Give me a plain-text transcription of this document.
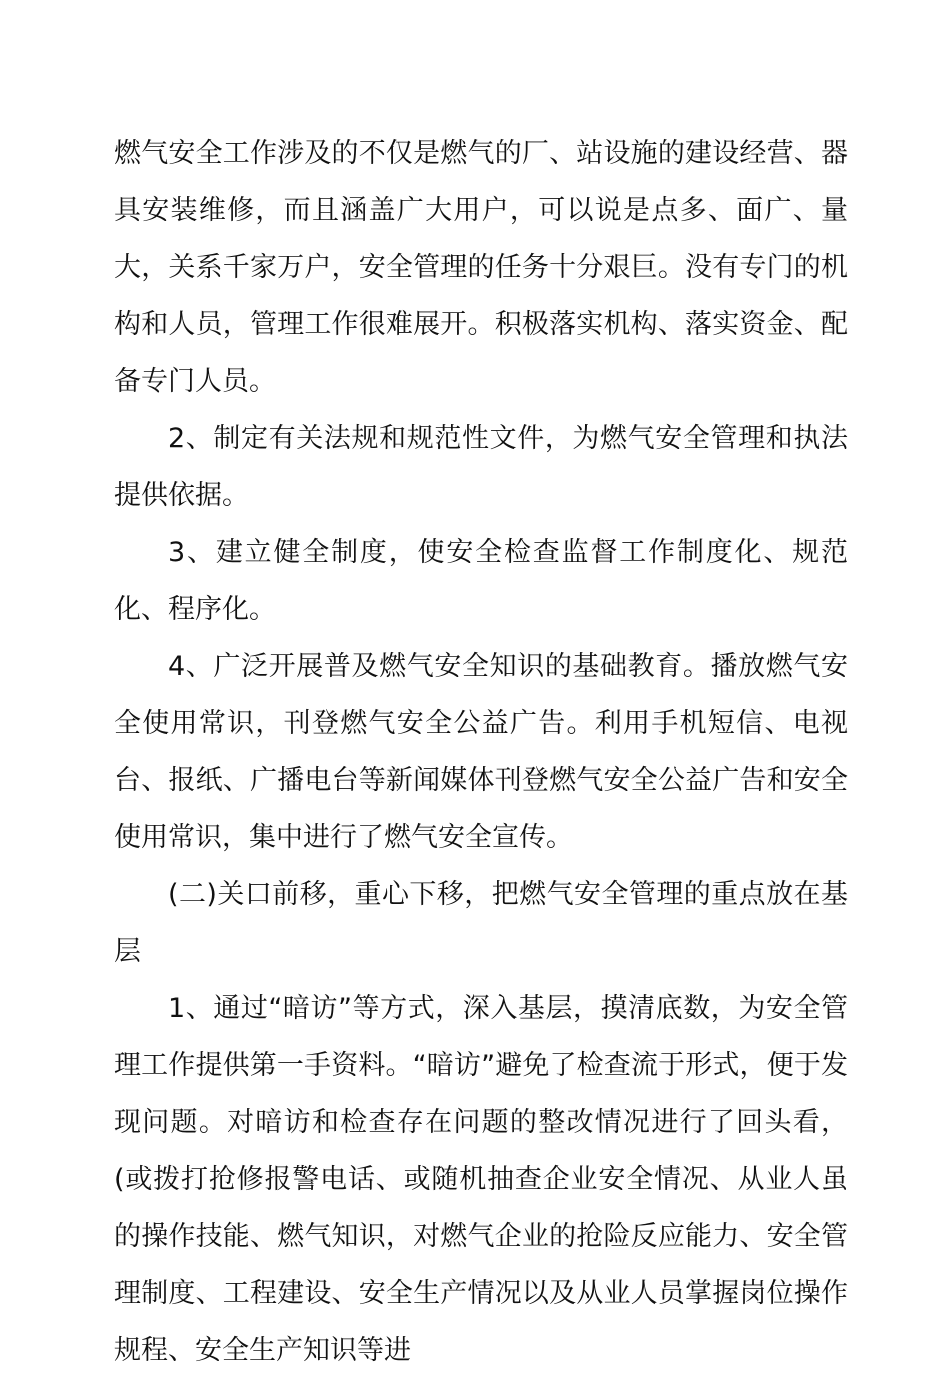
燃气安全工作涉及的不仅是燃气的厂、站设施的建设经营、器具安装维修，而且涵盖广大用户，可以说是点多、面广、量大，关系千家万户，安全管理的任务十分艰巨。没有专门的机构和人员，管理工作很难展开。积极落实机构、落实资金、配备专门人员。

2、制定有关法规和规范性文件，为燃气安全管理和执法提供依据。

3、建立健全制度，使安全检查监督工作制度化、规范化、程序化。

4、广泛开展普及燃气安全知识的基础教育。播放燃气安全使用常识，刊登燃气安全公益广告。利用手机短信、电视台、报纸、广播电台等新闻媒体刊登燃气安全公益广告和安全使用常识，集中进行了燃气安全宣传。

(二)关口前移，重心下移，把燃气安全管理的重点放在基层

1、通过“暗访”等方式，深入基层，摸清底数，为安全管理工作提供第一手资料。“暗访”避免了检查流于形式，便于发现问题。对暗访和检查存在问题的整改情况进行了回头看，(或拨打抢修报警电话、或随机抽查企业安全情况、从业人虽的操作技能、燃气知识，对燃气企业的抢险反应能力、安全管理制度、工程建设、安全生产情况以及从业人员掌握岗位操作规程、安全生产知识等进
